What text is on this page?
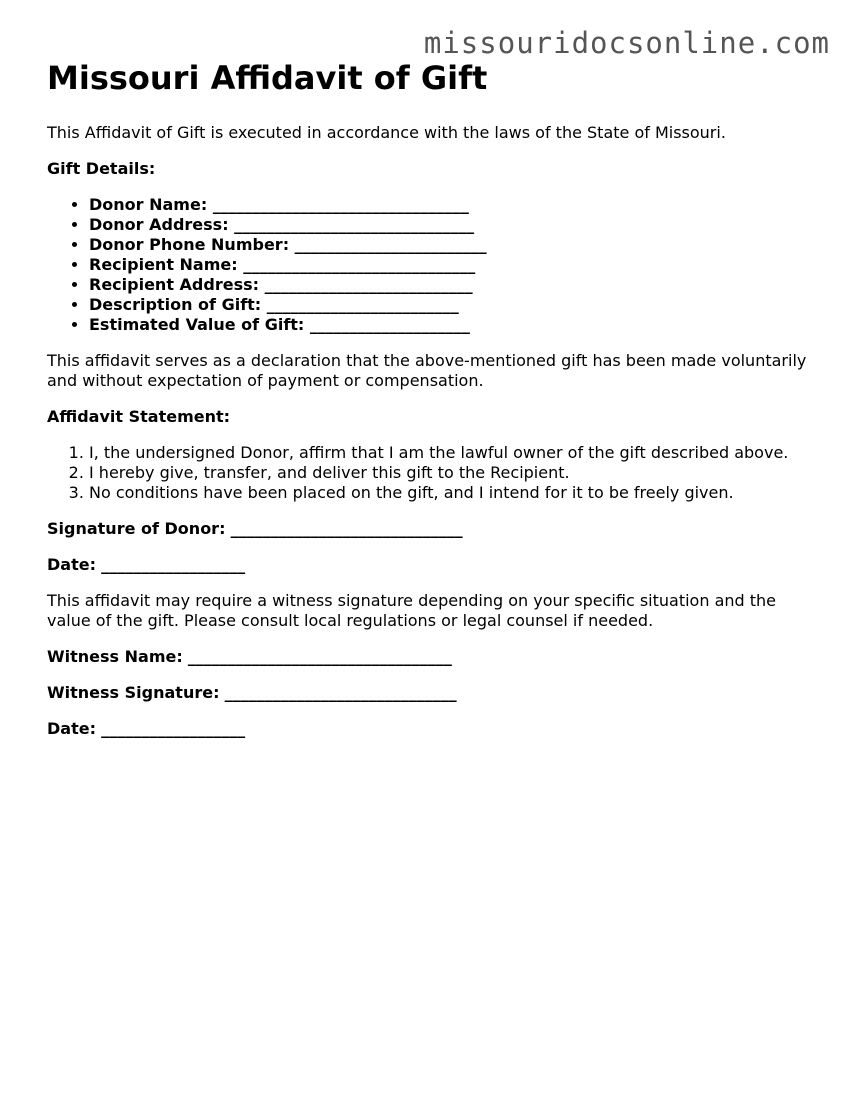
missouridocsonline.com
Missouri Affidavit of Gift

This Affidavit of Gift is executed in accordance with the laws of the State of Missouri.

Gift Details:

• Donor Name: ________________________________
• Donor Address: ______________________________
• Donor Phone Number: ________________________
• Recipient Name: _____________________________
• Recipient Address: __________________________
• Description of Gift: ________________________
• Estimated Value of Gift: ____________________

This affidavit serves as a declaration that the above-mentioned gift has been made voluntarily and without expectation of payment or compensation.

Affidavit Statement:

1. I, the undersigned Donor, affirm that I am the lawful owner of the gift described above.
2. I hereby give, transfer, and deliver this gift to the Recipient.
3. No conditions have been placed on the gift, and I intend for it to be freely given.

Signature of Donor: _____________________________

Date: __________________

This affidavit may require a witness signature depending on your specific situation and the value of the gift. Please consult local regulations or legal counsel if needed.

Witness Name: _________________________________

Witness Signature: _____________________________

Date: __________________
